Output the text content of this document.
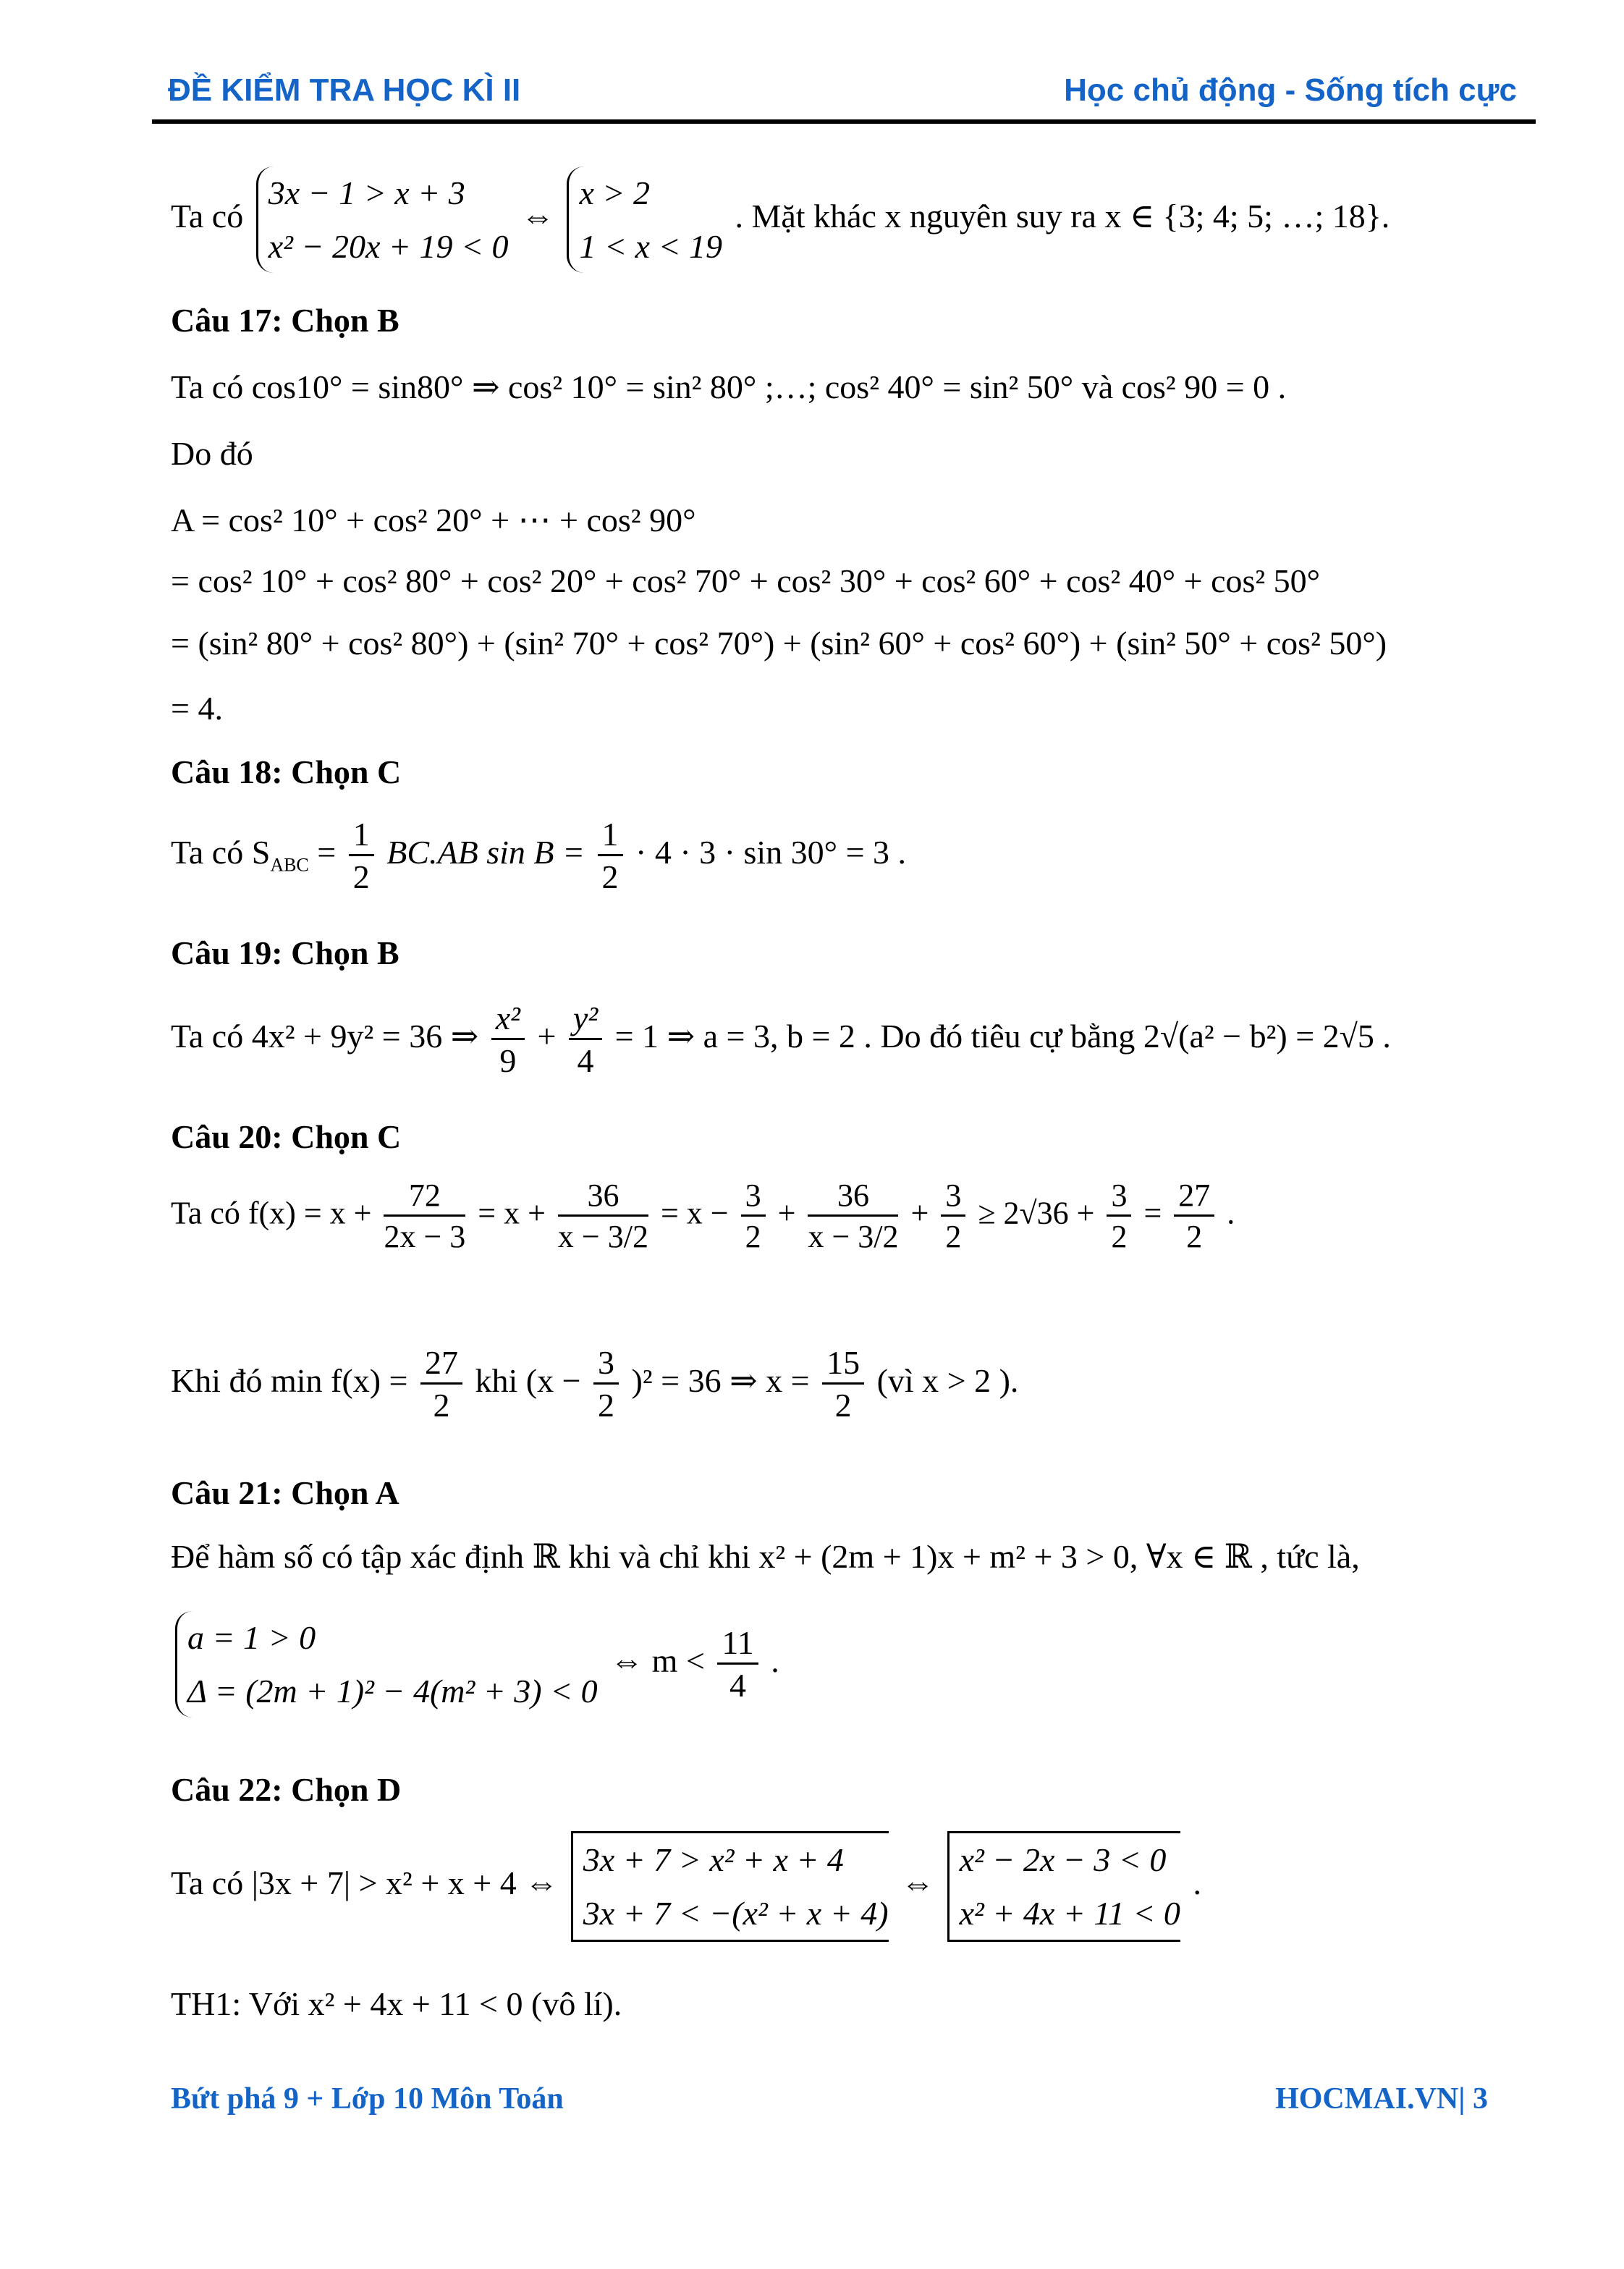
ĐỀ KIỂM TRA HỌC KÌ II	Học chủ động - Sống tích cực
Ta có
3x − 1 > x + 3
x² − 20x + 19 < 0
⇔
x > 2
1 < x < 19
. Mặt khác x nguyên suy ra x ∈ {3; 4; 5; …; 18}.
Câu 17: Chọn B
Ta có cos10° = sin80° ⇒ cos² 10° = sin² 80° ;…; cos² 40° = sin² 50° và cos² 90 = 0 .
Do đó
A = cos² 10° + cos² 20° + ⋯ + cos² 90°
= cos² 10° + cos² 80° + cos² 20° + cos² 70° + cos² 30° + cos² 60° + cos² 40° + cos² 50°
= (sin² 80° + cos² 80°) + (sin² 70° + cos² 70°) + (sin² 60° + cos² 60°) + (sin² 50° + cos² 50°)
= 4.
Câu 18: Chọn C
Ta có $S_{ABC} = \frac{1}{2} BC.AB$ $\sin B = \frac{1}{2} \cdot 4 \cdot 3 \cdot \sin 30^\circ = 3$ .
Câu 19: Chọn B
Ta có 4x² + 9y² = 36 ⇒ $\frac{\text{x²}}{9} + \frac{\text{y²}}{4} = 1$ ⇒ a = 3, b = 2 . Do đó tiêu cự bằng 2√(a² − b²) = 2√5 .
Câu 20: Chọn C
Ta có $f(x) = x + \frac{72}{2x - 3} = x + \frac{36}{x - 3/2} = x - \frac{3}{2} + \frac{36}{x - 3/2} + \frac{3}{2} \ge 2√36 + \frac{3}{2} = \frac{27}{2}$ .
Khi đó $\min f(x) = \frac{27}{2}$ khi $(x - \frac{3}{2} )^2 = 36$ ⇒ $x = \frac{15}{2}$ (vì x > 2 ).
Câu 21: Chọn A
Để hàm số có tập xác định ℝ khi và chỉ khi x² + (2m + 1)x + m² + 3 > 0, ∀x ∈ ℝ , tức là,
a = 1 > 0
Δ = (2m + 1)² − 4(m² + 3) < 0
⇔ $m < \frac{11}{4}$ .
Câu 22: Chọn D
Ta có |3x + 7| > x² + x + 4 ⇔
3x + 7 > x² + x + 4
3x + 7 < −(x² + x + 4)
⇔
x² − 2x − 3 < 0
x² + 4x + 11 < 0
.
TH1: Với x² + 4x + 11 < 0 (vô lí).
Bứt phá 9 + Lớp 10 Môn Toán	HOCMAI.VN| 3
